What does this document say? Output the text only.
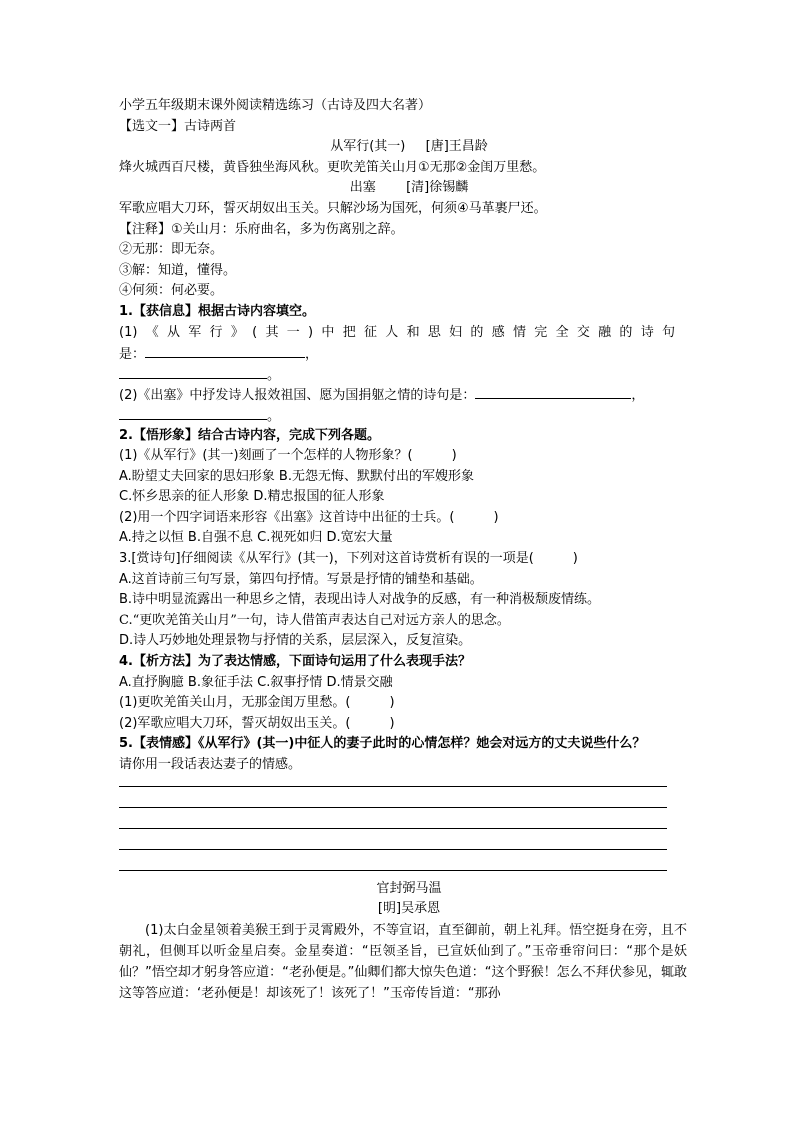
小学五年级期末课外阅读精选练习（古诗及四大名著）
【选文一】古诗两首
从军行(其一) [唐]王昌龄
烽火城西百尺楼，黄昏独坐海风秋。更吹羌笛关山月①无那②金闺万里愁。
出塞 [清]徐锡麟
军歌应唱大刀环，誓灭胡奴出玉关。只解沙场为国死，何须④马革裹尸还。
【注释】①关山月：乐府曲名，多为伤离别之辞。
②无那：即无奈。
③解：知道，懂得。
④何须：何必要。
1.【获信息】根据古诗内容填空。
(1)《从军行》(其一)中把征人和思妇的感情完全交融的诗句
是：	，
。
(2)《出塞》中抒发诗人报效祖国、愿为国捐躯之情的诗句是：	，
。
2.【悟形象】结合古诗内容，完成下列各题。
(1)《从军行》(其一)刻画了一个怎样的人物形象？(　　　)
A.盼望丈夫回家的思妇形象 B.无怨无悔、默默付出的军嫂形象
C.怀乡思亲的征人形象 D.精忠报国的征人形象
(2)用一个四字词语来形容《出塞》这首诗中出征的士兵。(　　　)
A.持之以恒 B.自强不息 C.视死如归 D.宽宏大量
3.[赏诗句]仔细阅读《从军行》(其一)，下列对这首诗赏析有误的一项是(　　　)
A.这首诗前三句写景，第四句抒情。写景是抒情的铺垫和基础。
B.诗中明显流露出一种思乡之情，表现出诗人对战争的反感，有一种消极颓废情练。
C.“更吹羌笛关山月”一句，诗人借笛声表达自己对远方亲人的思念。
D.诗人巧妙地处理景物与抒情的关系，层层深入，反复渲染。
4.【析方法】为了表达情感，下面诗句运用了什么表现手法？
A.直抒胸臆 B.象征手法 C.叙事抒情 D.情景交融
(1)更吹羌笛关山月，无那金闺万里愁。(　　　)
(2)军歌应唱大刀环，誓灭胡奴出玉关。(　　　)
5.【表情感】《从军行》(其一)中征人的妻子此时的心情怎样？她会对远方的丈夫说些什么？
请你用一段话表达妻子的情感。
官封弼马温
[明]吴承恩
(1)太白金星领着美猴王到于灵霄殿外，不等宣诏，直至御前，朝上礼拜。悟空挺身在旁，且不朝礼，但侧耳以听金星启奏。金星奏道：“臣领圣旨，已宣妖仙到了。”玉帝垂帘问曰：“那个是妖仙？”悟空却才躬身答应道：“老孙便是。”仙卿们都大惊失色道：“这个野猴！怎么不拜伏参见，辄敢这等答应道：‘老孙便是！却该死了！该死了！”玉帝传旨道：“那孙
